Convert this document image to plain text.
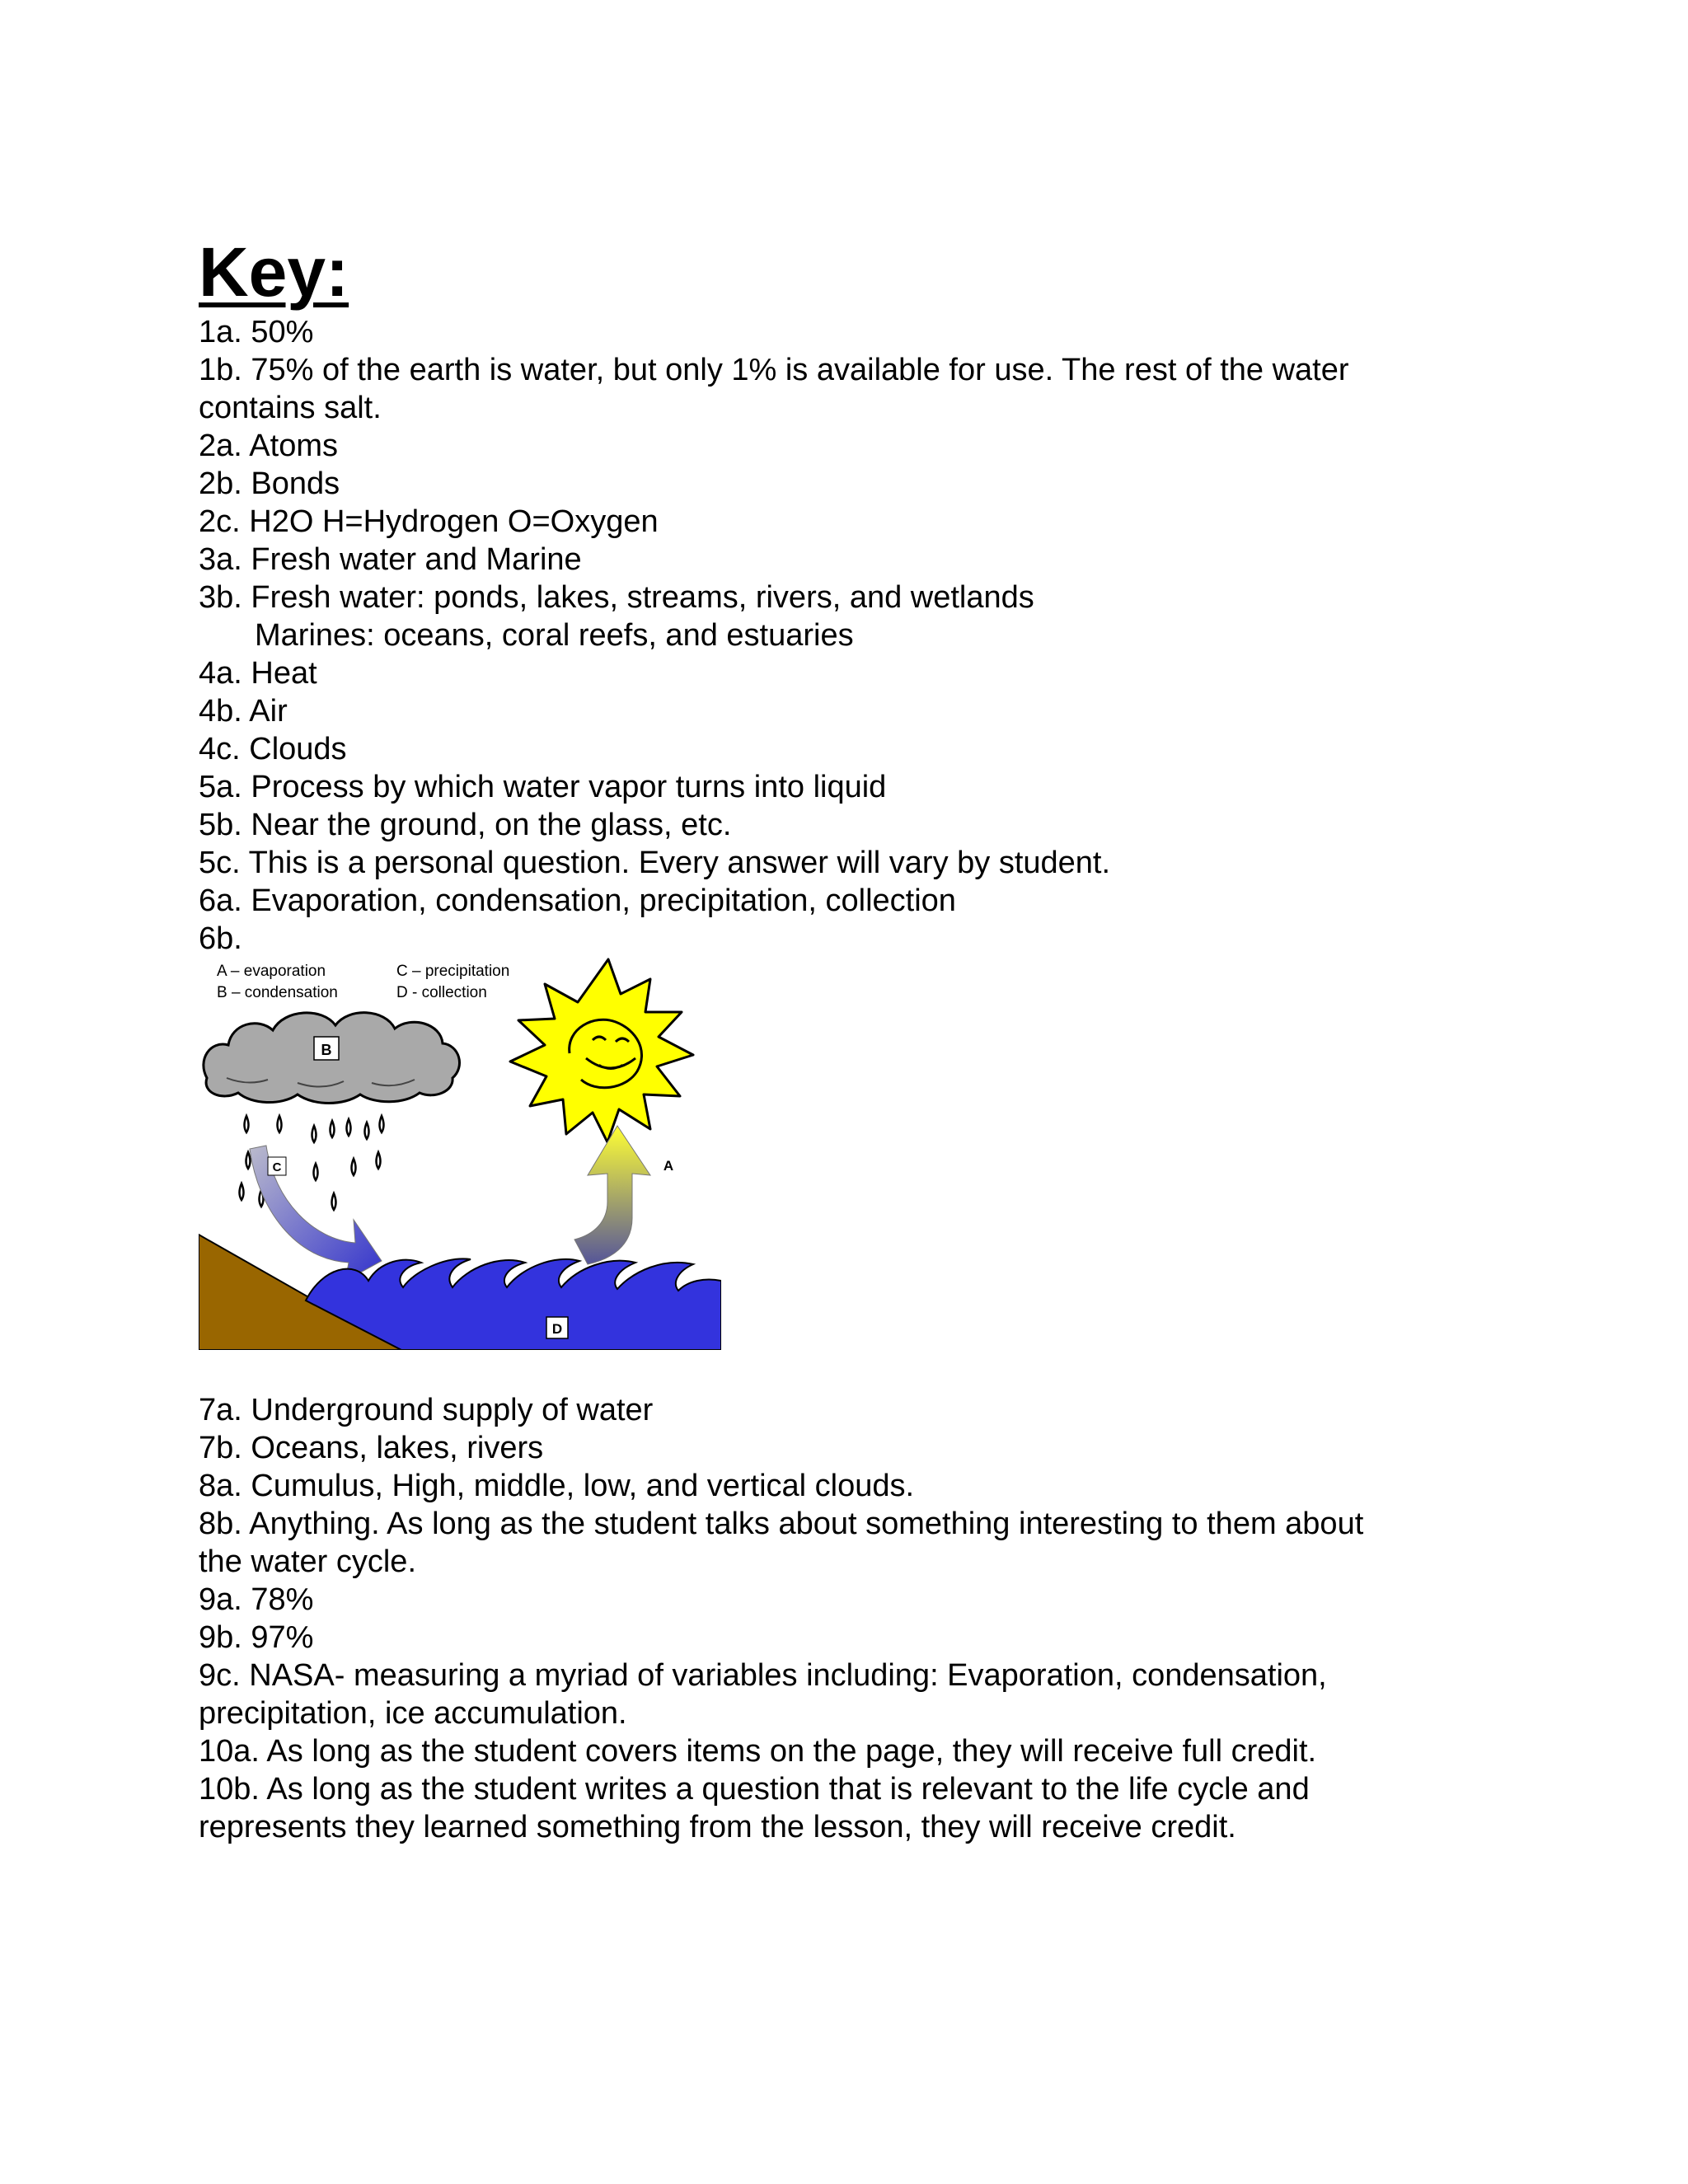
Key:
1a. 50%
1b. 75% of the earth is water, but only 1% is available for use. The rest of the water
contains salt.
2a. Atoms
2b. Bonds
2c. H2O H=Hydrogen O=Oxygen
3a. Fresh water and Marine
3b. Fresh water: ponds, lakes, streams, rivers, and wetlands
Marines: oceans, coral reefs, and estuaries
4a. Heat
4b. Air
4c. Clouds
5a. Process by which water vapor turns into liquid
5b. Near the ground, on the glass, etc.
5c. This is a personal question. Every answer will vary by student.
6a. Evaporation, condensation, precipitation, collection
6b.
A – evaporation
B – condensation
C – precipitation
D - collection
B
C	A
D
7a. Underground supply of water
7b. Oceans, lakes, rivers
8a. Cumulus, High, middle, low, and vertical clouds.
8b. Anything. As long as the student talks about something interesting to them about
the water cycle.
9a. 78%
9b. 97%
9c. NASA- measuring a myriad of variables including: Evaporation, condensation,
precipitation, ice accumulation.
10a. As long as the student covers items on the page, they will receive full credit.
10b. As long as the student writes a question that is relevant to the life cycle and
represents they learned something from the lesson, they will receive credit.
